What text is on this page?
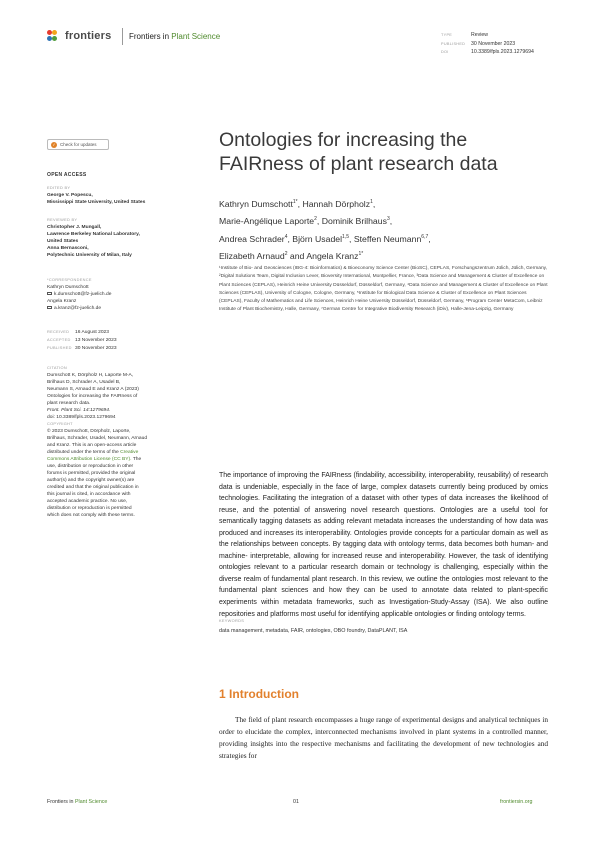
frontiers Frontiers in Plant Science	TYPE	Review
PUBLISHED 30 November 2023
DOI	10.3389/fpls.2023.1279694
✓ Check for updates
OPEN ACCESS
EDITED BY
George V. Popescu,
Mississippi State University, United States
REVIEWED BY
Christopher J. Mungall,
Lawrence Berkeley National Laboratory,
United States
Anna Bernasconi,
Polytechnic University of Milan, Italy
*CORRESPONDENCE
Kathryn Dumschott
k.dumschott@fz-juelich.de
Angela Kranz
a.kranz@fz-juelich.de
RECEIVED 16 August 2023
ACCEPTED 13 November 2023
PUBLISHED 30 November 2023
CITATION
Dumschott K, Dörpholz H, Laporte M-A,
Brilhaus D, Schrader A, Usadel B,
Neumann S, Arnaud E and Kranz A (2023)
Ontologies for increasing the FAIRness of
plant research data.
Front. Plant Sci. 14:1279694.
doi: 10.3389/fpls.2023.1279694
COPYRIGHT
© 2023 Dumschott, Dörpholz, Laporte,
Brilhaus, Schrader, Usadel, Neumann, Arnaud
and Kranz. This is an open-access article
distributed under the terms of the Creative
Commons Attribution License (CC BY). The
use, distribution or reproduction in other
forums is permitted, provided the original
author(s) and the copyright owner(s) are
credited and that the original publication in
this journal is cited, in accordance with
accepted academic practice. No use,
distribution or reproduction is permitted
which does not comply with these terms.
Ontologies for increasing the
FAIRness of plant research data
Kathryn Dumschott$^{1*}$, Hannah Dörpholz$^1$,
Marie-Angélique Laporte$^2$, Dominik Brilhaus$^3$,
Andrea Schrader$^4$, Björn Usadel$^{1,5}$, Steffen Neumann$^{6,7}$,
Elizabeth Arnaud$^2$ and Angela Kranz$^{1*}$

¹Institute of Bio- and Geosciences (IBG-4: Bioinformatics) & Bioeconomy Science Center (BioSC), CEPLAS, Forschungszentrum Jülich, Jülich, Germany, ²Digital Solutions Team, Digital Inclusion Lever, Bioversity International, Montpellier, France, ³Data Science and Management & Cluster of Excellence on Plant Sciences (CEPLAS), Heinrich Heine University Düsseldorf, Düsseldorf, Germany, ⁴Data Science and Management & Cluster of Excellence on Plant Sciences (CEPLAS), University of Cologne, Cologne, Germany, ⁵Institute for Biological Data Science & Cluster of Excellence on Plant Sciences (CEPLAS), Faculty of Mathematics and Life Sciences, Heinrich Heine University Düsseldorf, Düsseldorf, Germany, ⁶Program Center MetaCom, Leibniz Institute of Plant Biochemistry, Halle, Germany, ⁷German Centre for Integrative Biodiversity Research (iDiv), Halle-Jena-Leipzig, Germany

The importance of improving the FAIRness (findability, accessibility, interoperability, reusability) of research data is undeniable, especially in the face of large, complex datasets currently being produced by omics technologies. Facilitating the integration of a dataset with other types of data increases the likelihood of reuse, and the potential of answering novel research questions. Ontologies are a useful tool for semantically tagging datasets as adding relevant metadata increases the understanding of how data was produced and increases its interoperability. Ontologies provide concepts for a particular domain as well as the relationships between concepts. By tagging data with ontology terms, data becomes both human- and machine- interpretable, allowing for increased reuse and interoperability. However, the task of identifying ontologies relevant to a particular research domain or technology is challenging, especially within the diverse realm of fundamental plant research. In this review, we outline the ontologies most relevant to the fundamental plant sciences and how they can be used to annotate data related to plant-specific experiments within metadata frameworks, such as Investigation-Study-Assay (ISA). We also outline repositories and platforms most useful for identifying applicable ontologies or finding ontology terms.

KEYWORDS
data management, metadata, FAIR, ontologies, OBO foundry, DataPLANT, ISA
1 Introduction

The field of plant research encompasses a huge range of experimental designs and analytical techniques in order to elucidate the complex, interconnected mechanisms involved in plant systems in a controlled manner, providing insights into the respective mechanisms and facilitating the development of new technologies and strategies for

Frontiers in Plant Science	01	frontiersin.org
